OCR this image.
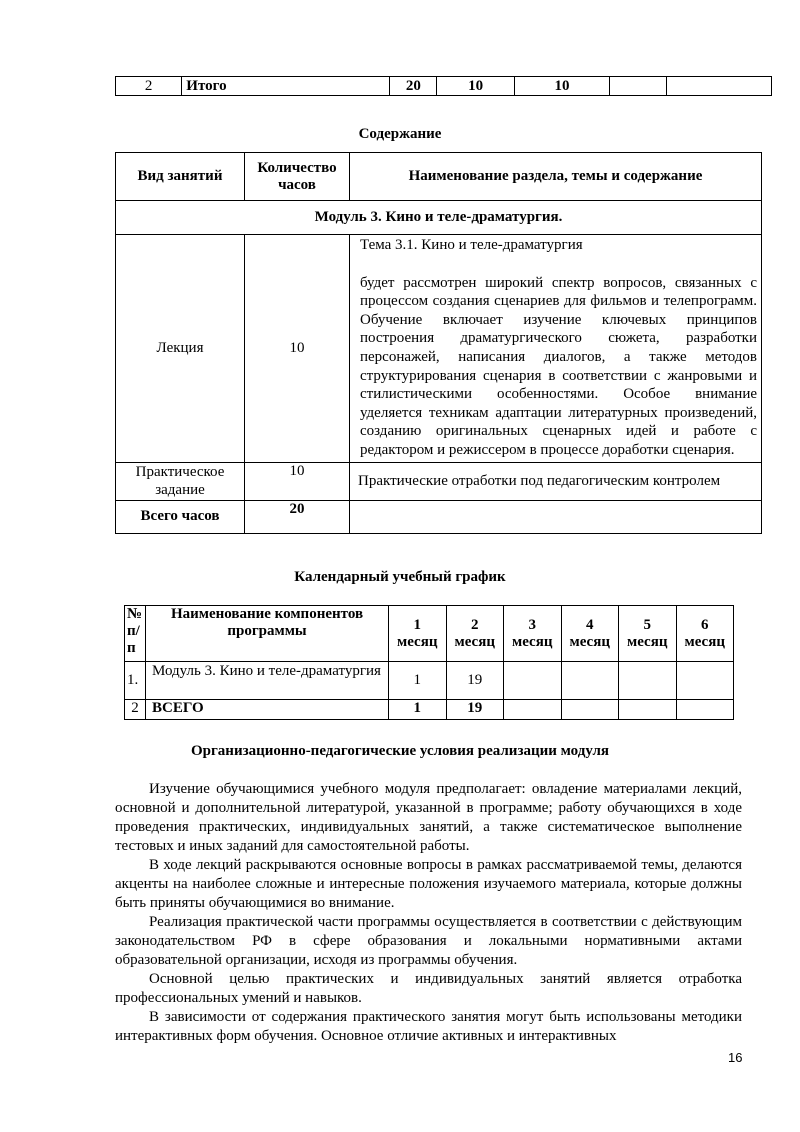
2	Итого	20	10	10		
Содержание
Вид занятий	Количество часов	Наименование раздела, темы и содержание
Модуль 3. Кино и теле-драматургия.		
Лекция	10	Тема 3.1. Кино и теле-драматургия
будет рассмотрен широкий спектр вопросов, связанных с процессом создания сценариев для фильмов и телепрограмм. Обучение включает изучение ключевых принципов построения драматургического сюжета, разработки персонажей, написания диалогов, а также методов структурирования сценария в соответствии с жанровыми и стилистическими особенностями. Особое внимание уделяется техникам адаптации литературных произведений, созданию оригинальных сценарных идей и работе с редактором и режиссером в процессе доработки сценария.

Практическое задание	10	Практические отработки под педагогическим контролем
Всего часов	20	
Календарный учебный график
№ п/п	Наименование компонентов программы	1 месяц	2 месяц	3 месяц	4 месяц	5 месяц	6 месяц
1.	Модуль 3. Кино и теле-драматургия	1	19				
2	ВСЕГО	1	19				
Организационно-педагогические условия реализации модуля

Изучение обучающимися учебного модуля предполагает: овладение материалами лекций, основной и дополнительной литературой, указанной в программе; работу обучающихся в ходе проведения практических, индивидуальных занятий, а также систематическое выполнение тестовых и иных заданий для самостоятельной работы.

В ходе лекций раскрываются основные вопросы в рамках рассматриваемой темы, делаются акценты на наиболее сложные и интересные положения изучаемого материала, которые должны быть приняты обучающимися во внимание.

Реализация практической части программы осуществляется в соответствии с действующим законодательством РФ в сфере образования и локальными нормативными актами образовательной организации, исходя из программы обучения.

Основной целью практических и индивидуальных занятий является отработка профессиональных умений и навыков.

В зависимости от содержания практического занятия могут быть использованы методики интерактивных форм обучения. Основное отличие активных и интерактивных

16
